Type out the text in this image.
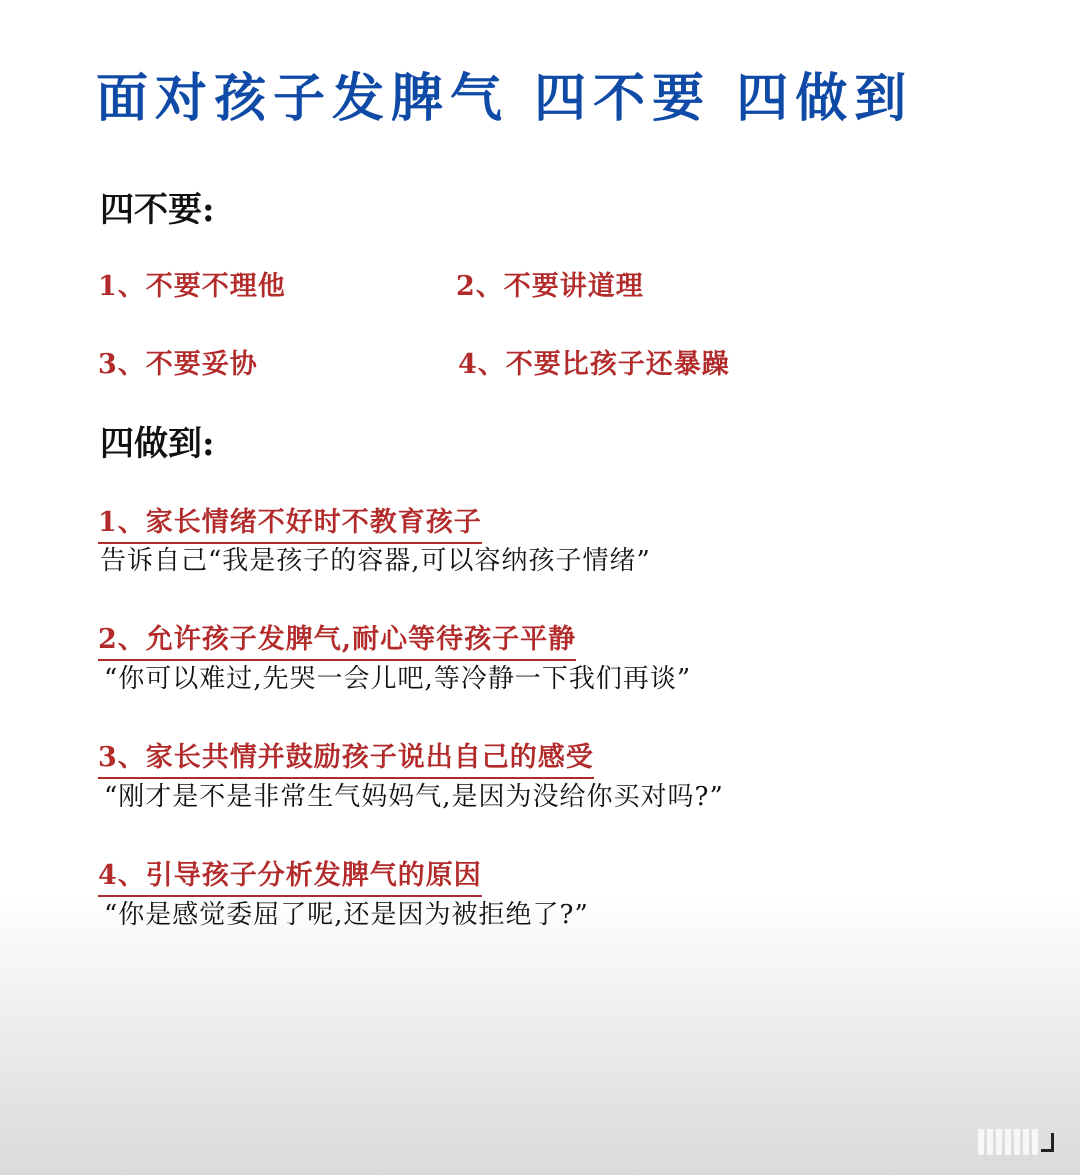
面对孩子发脾气 四不要 四做到
四不要:
1、不要不理他	2、不要讲道理
3、不要妥协	4、不要比孩子还暴躁
四做到:
1、家长情绪不好时不教育孩子
告诉自己“我是孩子的容器,可以容纳孩子情绪”
2、允许孩子发脾气,耐心等待孩子平静
“你可以难过,先哭一会儿吧,等冷静一下我们再谈”
3、家长共情并鼓励孩子说出自己的感受
“刚才是不是非常生气妈妈气,是因为没给你买对吗?”
4、引导孩子分析发脾气的原因
“你是感觉委屈了呢,还是因为被拒绝了?”
